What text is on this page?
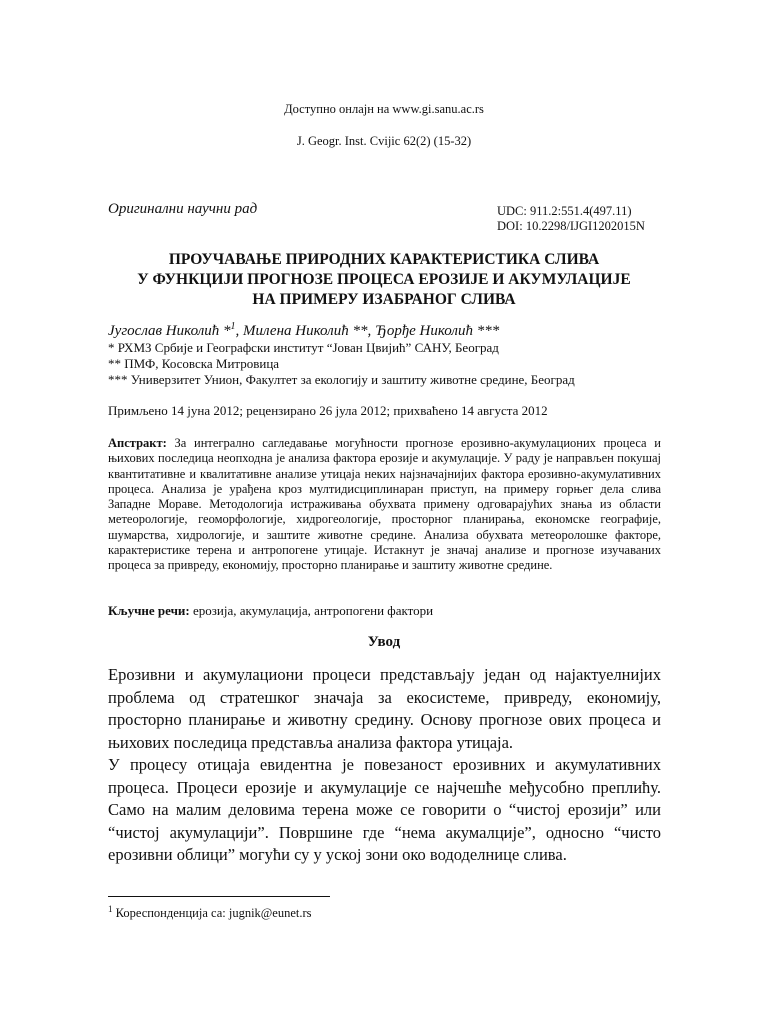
Доступно онлајн на www.gi.sanu.ac.rs
J. Geogr. Inst. Cvijic 62(2) (15-32)
Оригинални научни рад	UDC: 911.2:551.4(497.11)
DOI: 10.2298/IJGI1202015N
ПРОУЧАВАЊЕ ПРИРОДНИХ КАРАКТЕРИСТИКА СЛИВА
У ФУНКЦИЈИ ПРОГНОЗЕ ПРОЦЕСА ЕРОЗИЈЕ И АКУМУЛАЦИЈЕ
НА ПРИМЕРУ ИЗАБРАНОГ СЛИВА
Југослав Николић *$^1$, Милена Николић **, Ђорђе Николић ***
* РХМЗ Србије и Географски институт “Јован Цвијић” САНУ, Београд
** ПМФ, Косовска Митровица
*** Универзитет Унион, Факултет за екологију и заштиту животне средине, Београд
Примљено 14 јуна 2012; рецензирано 26 јула 2012; прихваћено 14 августа 2012
Апстракт: За интегрално сагледавање могућности прогнозе ерозивно-акумулационих процеса и њихових последица неопходна је анализа фактора ерозије и акумулације. У раду је направљен покушај квантитативне и квалитативне анализе утицаја неких најзначајнијих фактора ерозивно-акумулативних процеса. Анализа је урађена кроз мултидисциплинаран приступ, на примеру горњег дела слива Западне Мораве. Методологија истраживања обухвата примену одговарајућих знања из области метеорологије, геоморфологије, хидрогеологије, просторног планирања, економске географије, шумарства, хидрологије, и заштите животне средине. Анализа обухвата метеоролошке факторе, карактеристике терена и антропогене утицаје. Истакнут је значај анализе и прогнозе изучаваних процеса за привреду, економију, просторно планирање и заштиту животне средине.
Кључне речи: ерозија, акумулација, антропогени фактори
Увод
Ерозивни и акумулациони процеси представљају један од најактуелнијих проблема од стратешког значаја за екосистеме, привреду, економију, просторно планирање и животну средину. Основу прогнозе ових процеса и њихових последица представља анализа фактора утицаја.
У процесу отицаја евидентна је повезаност ерозивних и акумулативних процеса. Процеси ерозије и акумулације се најчешће међусобно преплићу. Само на малим деловима терена може се говорити о “чистој ерозији” или “чистој акумулацији”. Површине где “нема акумалције”, односно “чисто ерозивни облици” могући су у уској зони око вододелнице слива.
$^1$ Кореспонденција са: jugnik@eunet.rs
